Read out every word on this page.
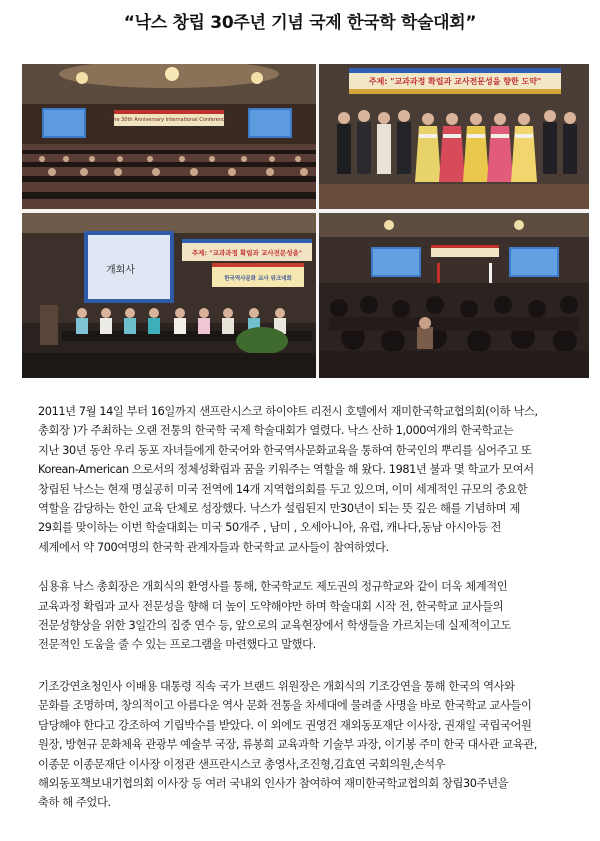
“낙스 창립 30주년 기념 국제 한국학 학술대회”
The 30th Anniversary International Conference
주제: "교과과정 확립과 교사전문성을 향한 도약"
개회사
주제: "교과과정 확립과 교사전문성을"
한국역사문화 교사 위크대회

2011년 7월 14일 부터 16일까지 샌프란시스코 하이야트 리전시 호텔에서 재미한국학교협의회(이하 낙스,
총회장 )가 주최하는 오랜 전통의 한국학 국제 학술대회가 열렸다. 낙스 산하 1,000여개의 한국학교는
지난 30년 동안 우리 동포 자녀들에게 한국어와 한국역사문화교육을 통하여 한국인의 뿌리를 심어주고 또
Korean-American 으로서의 정체성확립과 꿈을 키워주는 역할을 해 왔다. 1981년 불과 몇 학교가 모여서
창립된 낙스는 현재 명실공히 미국 전역에 14개 지역협의회를 두고 있으며, 이미 세계적인 규모의 중요한
역할을 감당하는 한인 교육 단체로 성장했다. 낙스가 설립된지 만30년이 되는 뜻 깊은 해를 기념하며 제
29회를 맞이하는 이번 학술대회는 미국 50개주 , 남미 , 오세아니아, 유럽, 캐나다,동남 아시아등 전
세계에서 약 700여명의 한국학 관계자들과 한국학교 교사들이 참여하였다.

심용휴 낙스 총회장은 개회식의 환영사를 통해, 한국학교도 제도권의 정규학교와 같이 더욱 체계적인
교육과정 확립과 교사 전문성을 향해 더 높이 도약해야만 하며 학술대회 시작 전, 한국학교 교사들의
전문성향상을 위한 3일간의 집중 연수 등, 앞으로의 교육현장에서 학생들을 가르치는데 실제적이고도
전문적인 도움을 줄 수 있는 프로그램을 마련했다고 말했다.

기조강연초청인사 이배용 대통령 직속 국가 브랜드 위원장은 개회식의 기조강연을 통해 한국의 역사와
문화를 조명하며, 창의적이고 아름다운 역사 문화 전통을 차세대에 물려줄 사명을 바로 한국학교 교사들이
담당해야 한다고 강조하여 기립박수를 받았다. 이 외에도 권영건 재외동포재단 이사장, 권재일 국립국어원
원장, 방현규 문화체육 관광부 예술부 국장, 류봉희 교육과학 기술부 과장, 이기봉 주미 한국 대사관 교육관,
이종문 이종문재단 이사장 이정관 샌프란시스코 총영사,조진형,김효연 국회의원,손석우
해외동포책보내기협의회 이사장 등 여러 국내외 인사가 참여하여 재미한국학교협의회 창립30주년을
축하 해 주었다.
